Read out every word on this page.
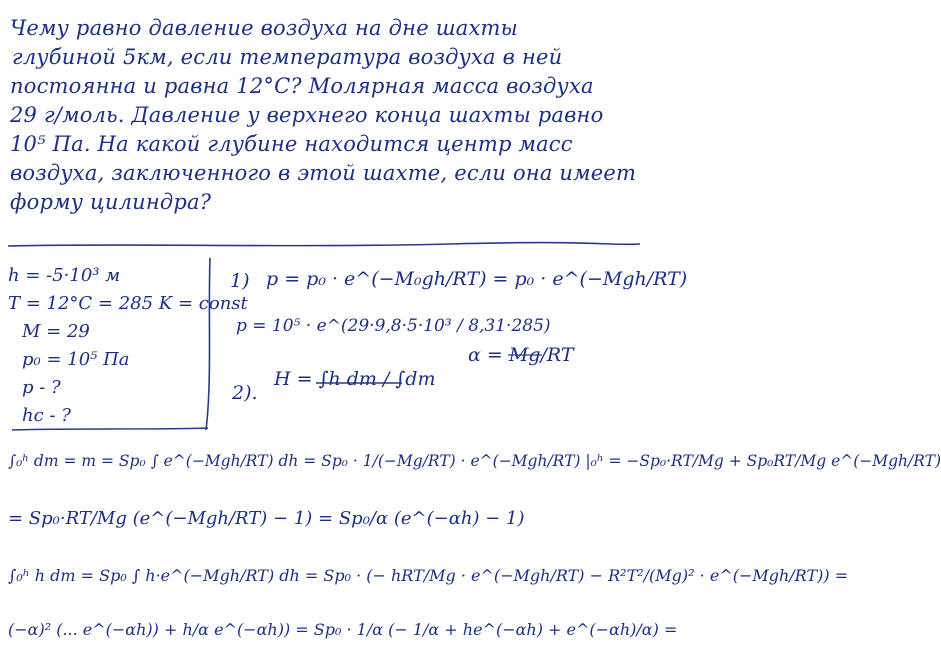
Чему равно давление воздуха на дне шахты
глубиной 5км, если температура воздуха в ней
постоянна и равна 12°С? Молярная масса воздуха
29 г/моль. Давление у верхнего конца шахты равно
10⁵ Па. На какой глубине находится центр масс
воздуха, заключенного в этой шахте, если она имеет
форму цилиндра?
h = -5·10³ м
T = 12°C = 285 K = const
M = 29
p₀ = 10⁵ Па
p - ?
hc - ?
1) p = p₀ · e^(−M₀gh/RT) = p₀ · e^(−Mgh/RT)
p = 10⁵ · e^(29·9,8·5·10³ / 8,31·285)
2).
H = ∫h dm / ∫dm
α = Mg/RT
∫₀ʰ dm = m = Sp₀ ∫ e^(−Mgh/RT) dh = Sp₀ · 1/(−Mg/RT) · e^(−Mgh/RT) |₀ʰ = −Sp₀·RT/Mg + Sp₀RT/Mg e^(−Mgh/RT)
= Sp₀·RT/Mg (e^(−Mgh/RT) − 1) = Sp₀/α (e^(−αh) − 1)
∫₀ʰ h dm = Sp₀ ∫ h·e^(−Mgh/RT) dh = Sp₀ · (− hRT/Mg · e^(−Mgh/RT) − R²T²/(Mg)² · e^(−Mgh/RT)) =
(−α)² (... e^(−αh)) + h/α e^(−αh)) = Sp₀ · 1/α (− 1/α + he^(−αh) + e^(−αh)/α) =
